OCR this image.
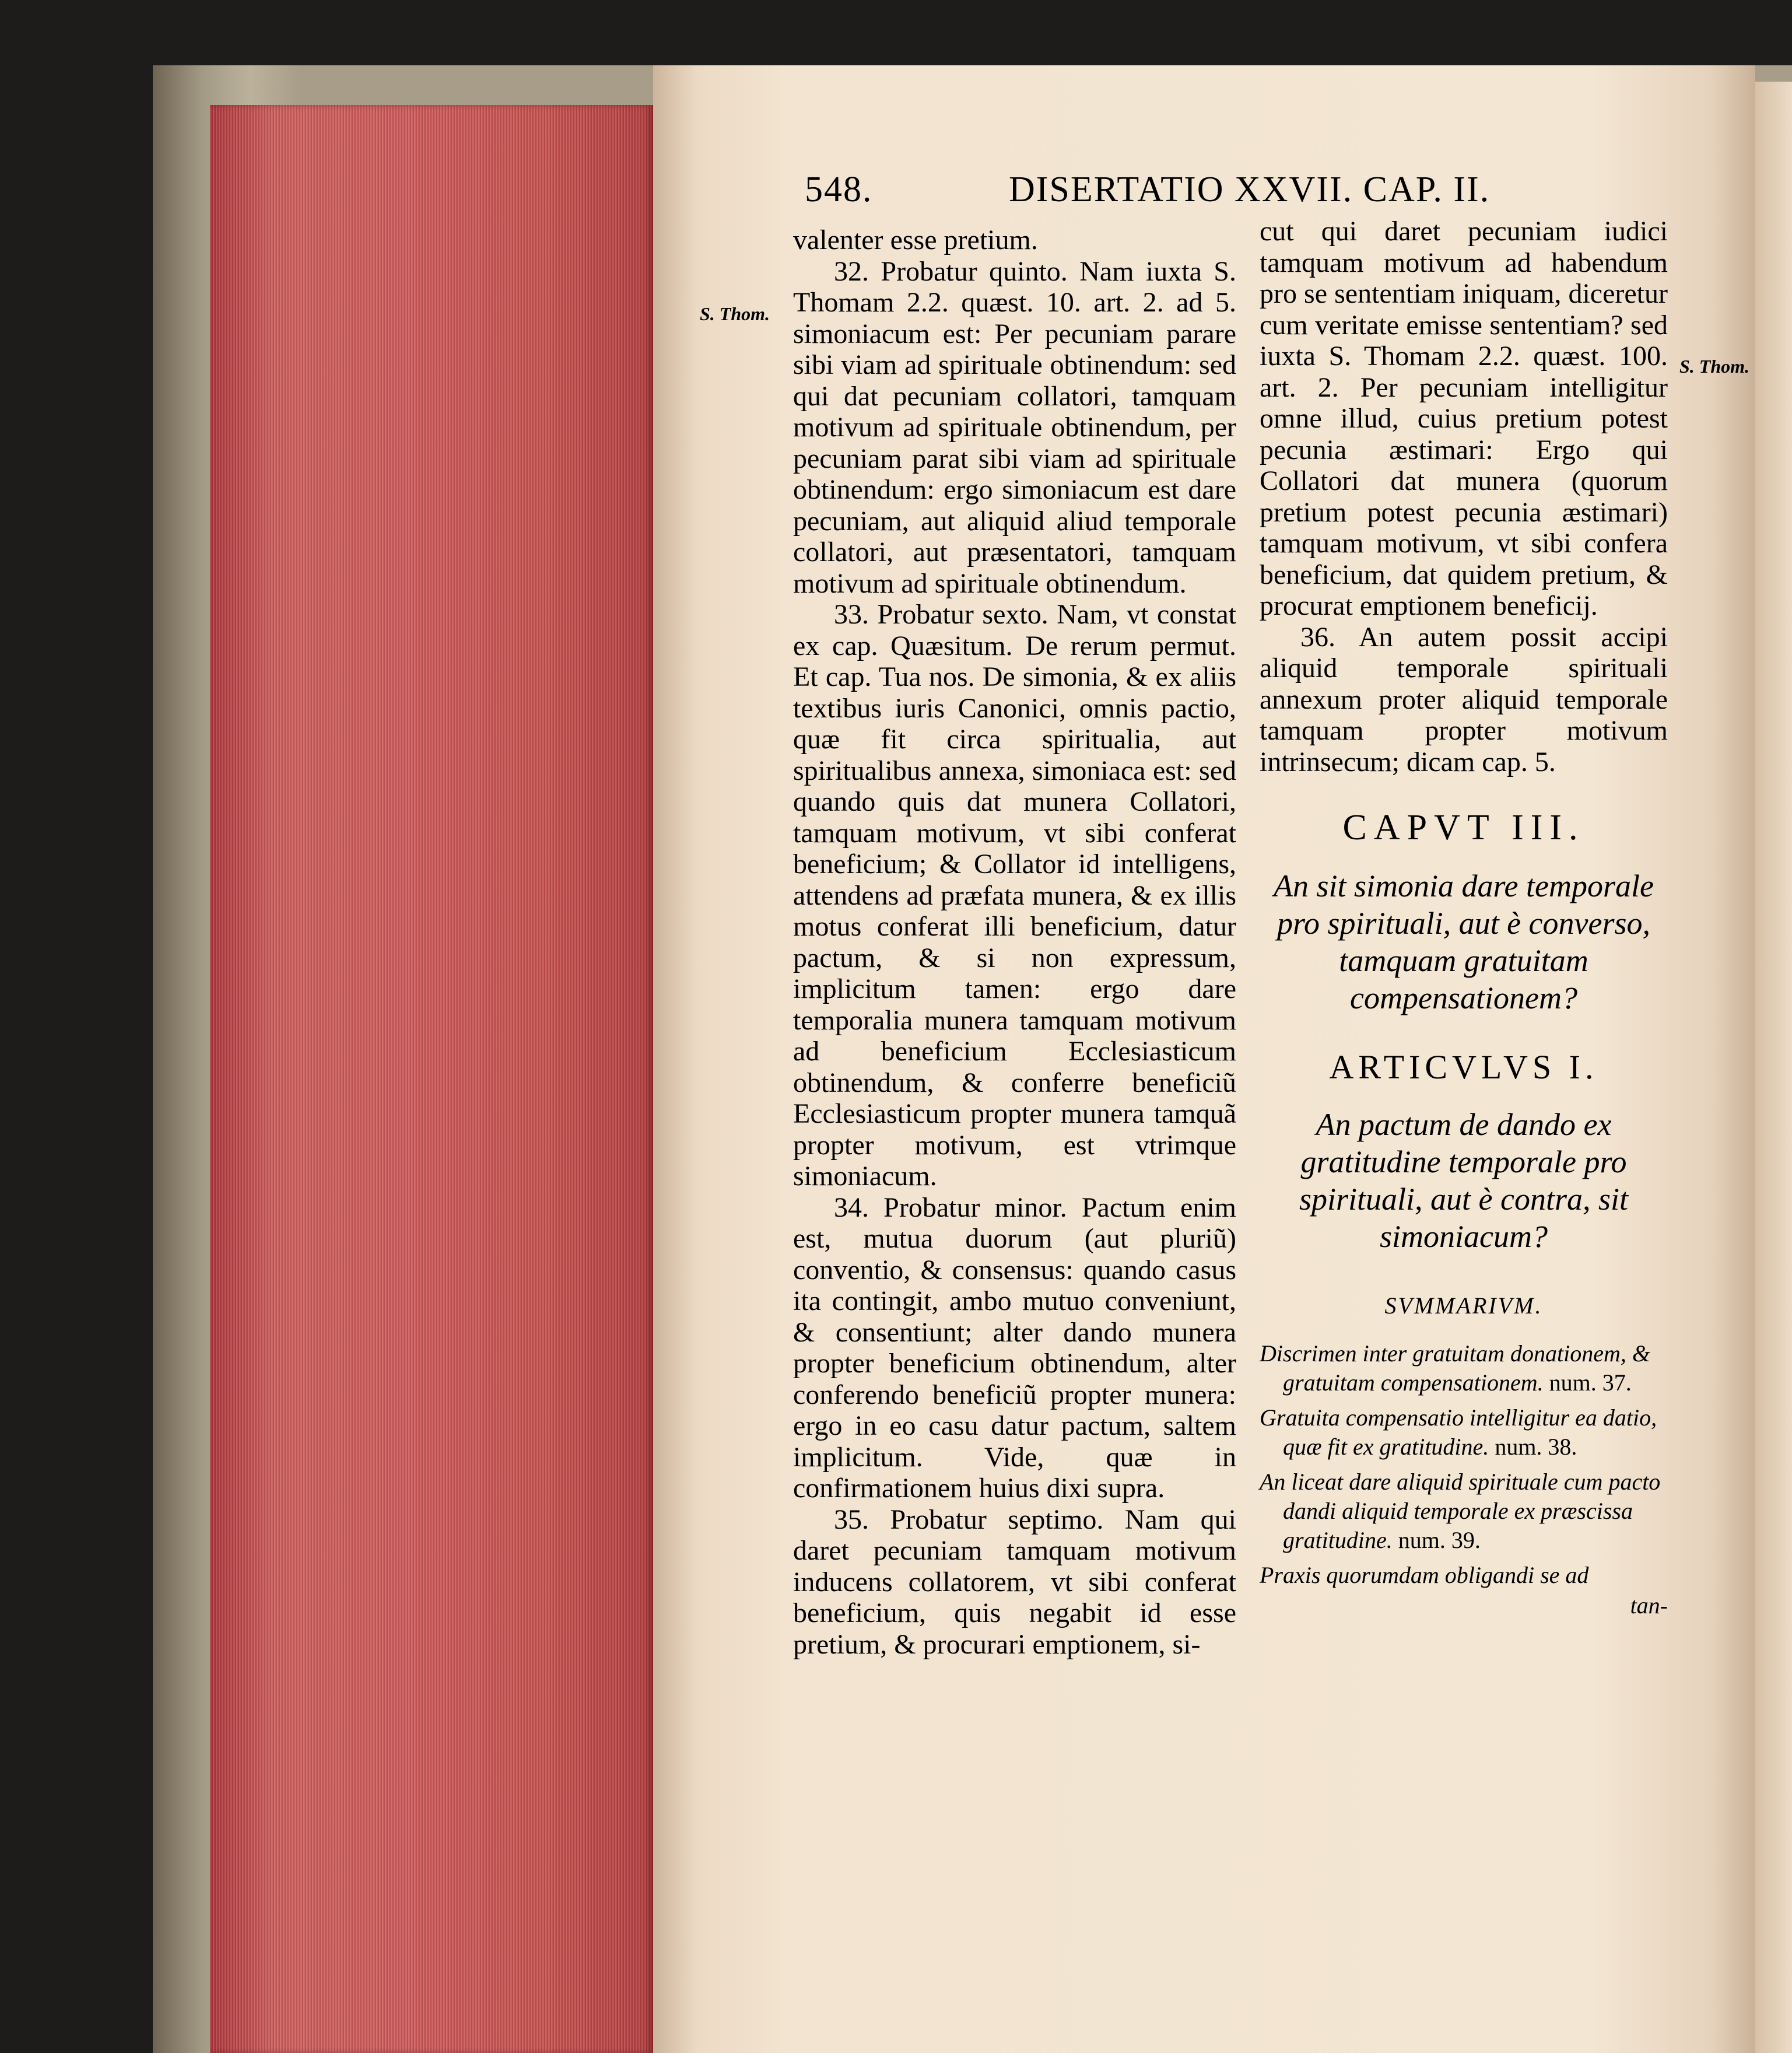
548.	DISERTATIO XXVII. CAP. II.
S. Thom.
S. Thom.

valenter esse pretium.

32. Probatur quinto. Nam iuxta S. Thomam 2.2. quæst. 10. art. 2. ad 5. simoniacum est: Per pecuniam parare sibi viam ad spirituale obtinendum: sed qui dat pecuniam collatori, tamquam motivum ad spirituale obtinendum, per pecuniam parat sibi viam ad spirituale obtinendum: ergo simoniacum est dare pecuniam, aut aliquid aliud temporale collatori, aut præsentatori, tamquam motivum ad spirituale obtinendum.

33. Probatur sexto. Nam, vt constat ex cap. Quæsitum. De rerum permut. Et cap. Tua nos. De simonia, & ex aliis textibus iuris Canonici, omnis pactio, quæ fit circa spiritualia, aut spiritualibus annexa, simoniaca est: sed quando quis dat munera Collatori, tamquam motivum, vt sibi conferat beneficium; & Collator id intelligens, attendens ad præfata munera, & ex illis motus conferat illi beneficium, datur pactum, & si non expressum, implicitum tamen: ergo dare temporalia munera tamquam motivum ad beneficium Ecclesiasticum obtinendum, & conferre beneficiũ Ecclesiasticum propter munera tamquã propter motivum, est vtrimque simoniacum.

34. Probatur minor. Pactum enim est, mutua duorum (aut pluriũ) conventio, & consensus: quando casus ita contingit, ambo mutuo conveniunt, & consentiunt; alter dando munera propter beneficium obtinendum, alter conferendo beneficiũ propter munera: ergo in eo casu datur pactum, saltem implicitum. Vide, quæ in confirmationem huius dixi supra.

35. Probatur septimo. Nam qui daret pecuniam tamquam motivum inducens collatorem, vt sibi conferat beneficium, quis negabit id esse pretium, & procurari emptionem, si-

cut qui daret pecuniam iudici tamquam motivum ad habendum pro se sententiam iniquam, diceretur cum veritate emisse sententiam? sed iuxta S. Thomam 2.2. quæst. 100. art. 2. Per pecuniam intelligitur omne illud, cuius pretium potest pecunia æstimari: Ergo qui Collatori dat munera (quorum pretium potest pecunia æstimari) tamquam motivum, vt sibi confera beneficium, dat quidem pretium, & procurat emptionem beneficij.

36. An autem possit accipi aliquid temporale spirituali annexum proter aliquid temporale tamquam propter motivum intrinsecum; dicam cap. 5.

CAPVT III.
An sit simonia dare temporale pro spirituali, aut è converso, tamquam gratuitam compensationem?
ARTICVLVS I.
An pactum de dando ex gratitudine temporale pro spirituali, aut è contra, sit simoniacum?
SVMMARIVM.
Discrimen inter gratuitam donationem, & gratuitam compensationem. num. 37.
Gratuita compensatio intelligitur ea datio, quæ fit ex gratitudine. num. 38.
An liceat dare aliquid spirituale cum pacto dandi aliquid temporale ex præscissa gratitudine. num. 39.
Praxis quorumdam obligandi se ad
tan-
